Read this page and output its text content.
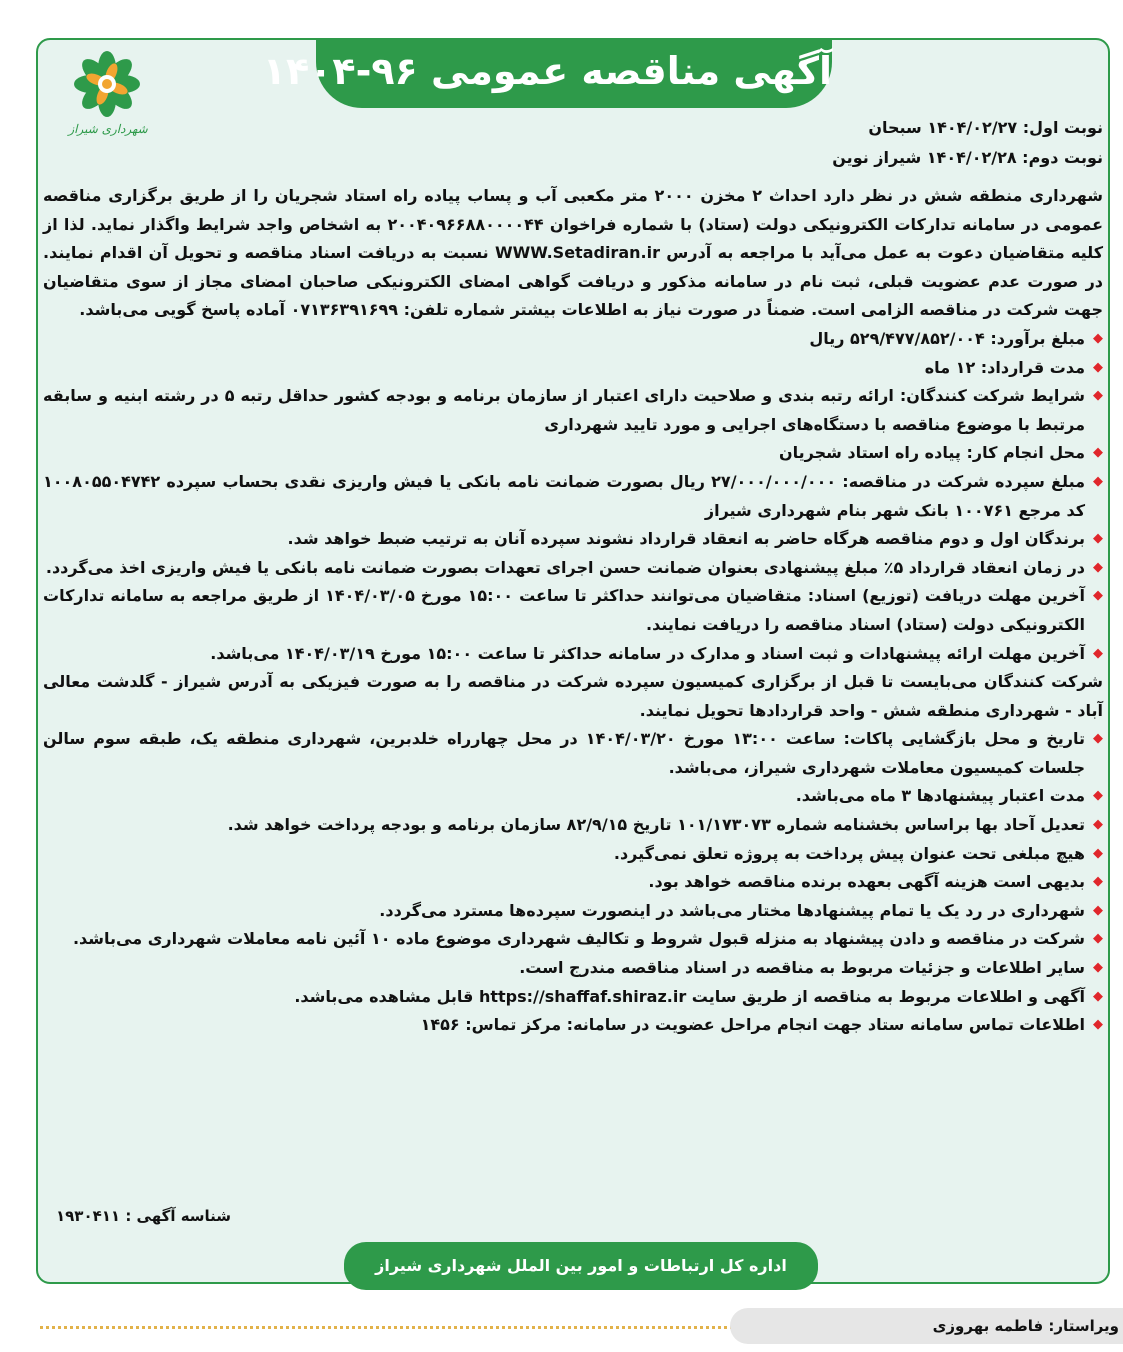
آگهی مناقصه عمومی ۹۶-۱۴۰۴
شهرداری شیراز	نوبت اول: ۱۴۰۴/۰۲/۲۷ سبحان
نوبت دوم: ۱۴۰۴/۰۲/۲۸ شیراز نوین
شهرداری منطقه شش در نظر دارد احداث ۲ مخزن ۲۰۰۰ متر مکعبی آب و پساب پیاده راه استاد شجریان را از طریق برگزاری مناقصه عمومی در سامانه تدارکات الکترونیکی دولت (ستاد) با شماره فراخوان ۲۰۰۴۰۹۶۶۸۸۰۰۰۰۴۴ به اشخاص واجد شرایط واگذار نماید. لذا از کلیه متقاضیان دعوت به عمل می‌آید با مراجعه به آدرس WWW.Setadiran.ir نسبت به دریافت اسناد مناقصه و تحویل آن اقدام نمایند. در صورت عدم عضویت قبلی، ثبت نام در سامانه مذکور و دریافت گواهی امضای الکترونیکی صاحبان امضای مجاز از سوی متقاضیان جهت شرکت در مناقصه الزامی است. ضمناً در صورت نیاز به اطلاعات بیشتر شماره تلفن: ۰۷۱۳۶۳۹۱۶۹۹ آماده پاسخ گویی می‌باشد.
◆ مبلغ برآورد: ۵۲۹/۴۷۷/۸۵۲/۰۰۴ ریال
◆ مدت قرارداد: ۱۲ ماه
◆ شرایط شرکت کنندگان: ارائه رتبه بندی و صلاحیت دارای اعتبار از سازمان برنامه و بودجه کشور حداقل رتبه ۵ در رشته ابنیه و سابقه مرتبط با موضوع مناقصه با دستگاه‌های اجرایی و مورد تایید شهرداری
◆ محل انجام کار: پیاده راه استاد شجریان
◆ مبلغ سپرده شرکت در مناقصه: ۲۷/۰۰۰/۰۰۰/۰۰۰ ریال بصورت ضمانت نامه بانکی یا فیش واریزی نقدی بحساب سپرده ۱۰۰۸۰۵۵۰۴۷۴۲ کد مرجع ۱۰۰۷۶۱ بانک شهر بنام شهرداری شیراز
◆ برندگان اول و دوم مناقصه هرگاه حاضر به انعقاد قرارداد نشوند سپرده آنان به ترتیب ضبط خواهد شد.
◆ در زمان انعقاد قرارداد ۵٪ مبلغ پیشنهادی بعنوان ضمانت حسن اجرای تعهدات بصورت ضمانت نامه بانکی یا فیش واریزی اخذ می‌گردد.
◆ آخرین مهلت دریافت (توزیع) اسناد: متقاضیان می‌توانند حداکثر تا ساعت ۱۵:۰۰ مورخ ۱۴۰۴/۰۳/۰۵ از طریق مراجعه به سامانه تدارکات الکترونیکی دولت (ستاد) اسناد مناقصه را دریافت نمایند.
◆ آخرین مهلت ارائه پیشنهادات و ثبت اسناد و مدارک در سامانه حداکثر تا ساعت ۱۵:۰۰ مورخ ۱۴۰۴/۰۳/۱۹ می‌باشد.
شرکت کنندگان می‌بایست تا قبل از برگزاری کمیسیون سپرده شرکت در مناقصه را به صورت فیزیکی به آدرس شیراز - گلدشت معالی آباد - شهرداری منطقه شش - واحد قراردادها تحویل نمایند.
◆ تاریخ و محل بازگشایی پاکات: ساعت ۱۳:۰۰ مورخ ۱۴۰۴/۰۳/۲۰ در محل چهارراه خلدبرین، شهرداری منطقه یک، طبقه سوم سالن جلسات کمیسیون معاملات شهرداری شیراز، می‌باشد.
◆ مدت اعتبار پیشنهادها ۳ ماه می‌باشد.
◆ تعدیل آحاد بها براساس بخشنامه شماره ۱۰۱/۱۷۳۰۷۳ تاریخ ۸۲/۹/۱۵ سازمان برنامه و بودجه پرداخت خواهد شد.
◆ هیچ مبلغی تحت عنوان پیش پرداخت به پروژه تعلق نمی‌گیرد.
◆ بدیهی است هزینه آگهی بعهده برنده مناقصه خواهد بود.
◆ شهرداری در رد یک یا تمام پیشنهادها مختار می‌باشد در اینصورت سپرده‌ها مسترد می‌گردد.
◆ شرکت در مناقصه و دادن پیشنهاد به منزله قبول شروط و تکالیف شهرداری موضوع ماده ۱۰ آئین نامه معاملات شهرداری می‌باشد.
◆ سایر اطلاعات و جزئیات مربوط به مناقصه در اسناد مناقصه مندرج است.
◆ آگهی و اطلاعات مربوط به مناقصه از طریق سایت https://shaffaf.shiraz.ir قابل مشاهده می‌باشد.
◆ اطلاعات تماس سامانه ستاد جهت انجام مراحل عضویت در سامانه: مرکز تماس: ۱۴۵۶
شناسه آگهی : ۱۹۳۰۴۱۱
اداره کل ارتباطات و امور بین الملل شهرداری شیراز
ویراستار: فاطمه بهروزی
